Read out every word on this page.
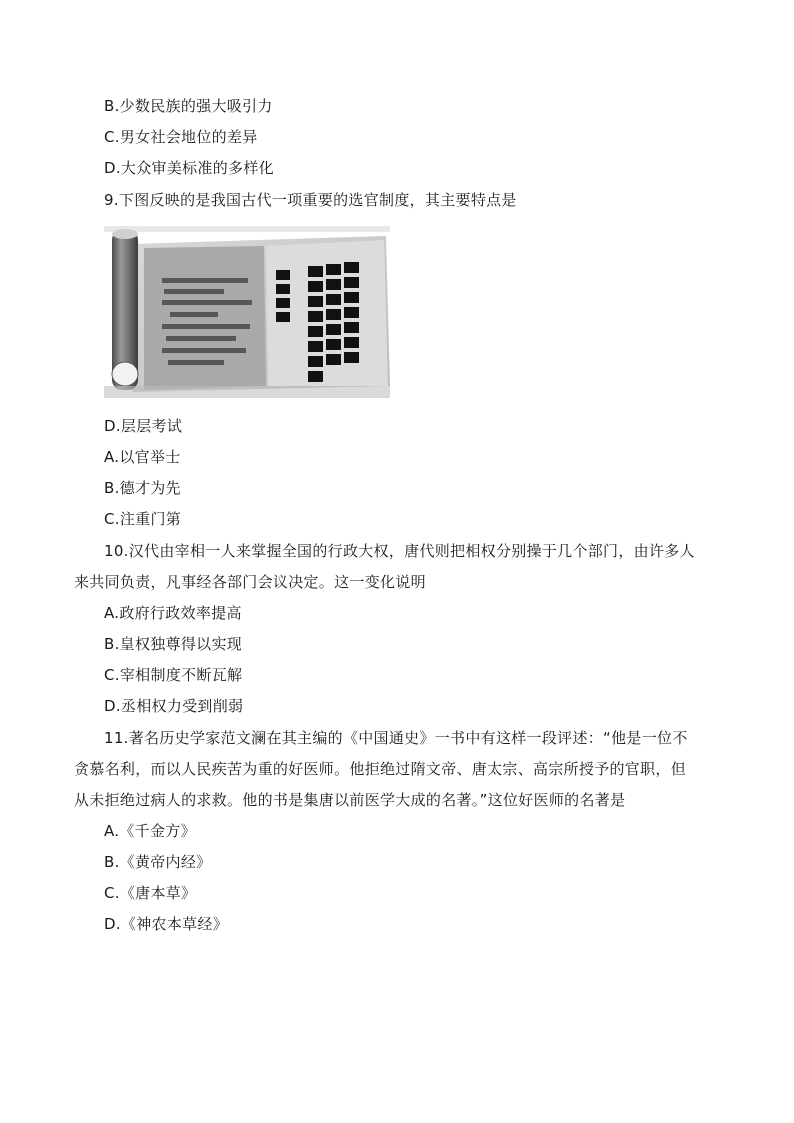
B.少数民族的强大吸引力
C.男女社会地位的差异
D.大众审美标准的多样化
9.下图反映的是我国古代一项重要的选官制度，其主要特点是
D.层层考试
A.以官举士
B.德才为先
C.注重门第
10.汉代由宰相一人来掌握全国的行政大权，唐代则把相权分别操于几个部门，由许多人
来共同负责，凡事经各部门会议决定。这一变化说明
A.政府行政效率提高
B.皇权独尊得以实现
C.宰相制度不断瓦解
D.丞相权力受到削弱
11.著名历史学家范文澜在其主编的《中国通史》一书中有这样一段评述：“他是一位不
贪慕名利，而以人民疾苦为重的好医师。他拒绝过隋文帝、唐太宗、高宗所授予的官职，但
从未拒绝过病人的求救。他的书是集唐以前医学大成的名著。”这位好医师的名著是
A.《千金方》
B.《黄帝内经》
C.《唐本草》
D.《神农本草经》
